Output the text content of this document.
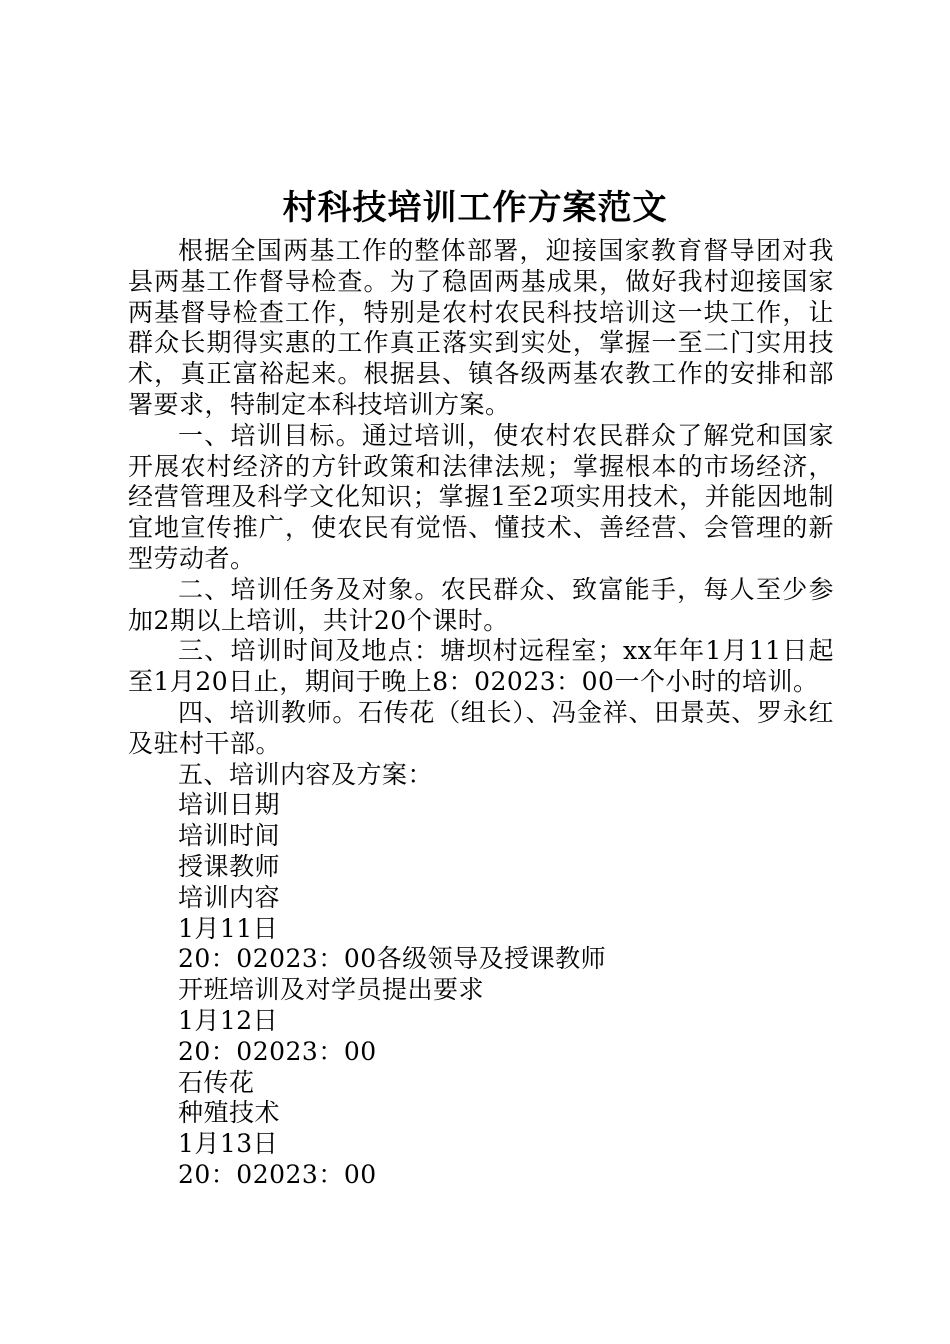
村科技培训工作方案范文

根据全国两基工作的整体部署，迎接国家教育督导团对我县两基工作督导检查。为了稳固两基成果，做好我村迎接国家两基督导检查工作，特别是农村农民科技培训这一块工作，让群众长期得实惠的工作真正落实到实处，掌握一至二门实用技术，真正富裕起来。根据县、镇各级两基农教工作的安排和部署要求，特制定本科技培训方案。

一、培训目标。通过培训，使农村农民群众了解党和国家开展农村经济的方针政策和法律法规；掌握根本的市场经济，经营管理及科学文化知识；掌握1至2项实用技术，并能因地制宜地宣传推广，使农民有觉悟、懂技术、善经营、会管理的新型劳动者。

二、培训任务及对象。农民群众、致富能手，每人至少参加2期以上培训，共计20个课时。

三、培训时间及地点：塘坝村远程室；xx年年1月11日起至1月20日止，期间于晚上8：02023：00一个小时的培训。

四、培训教师。石传花（组长）、冯金祥、田景英、罗永红及驻村干部。

五、培训内容及方案：

培训日期

培训时间

授课教师

培训内容

1月11日

20：02023：00各级领导及授课教师

开班培训及对学员提出要求

1月12日

20：02023：00

石传花

种殖技术

1月13日

20：02023：00
